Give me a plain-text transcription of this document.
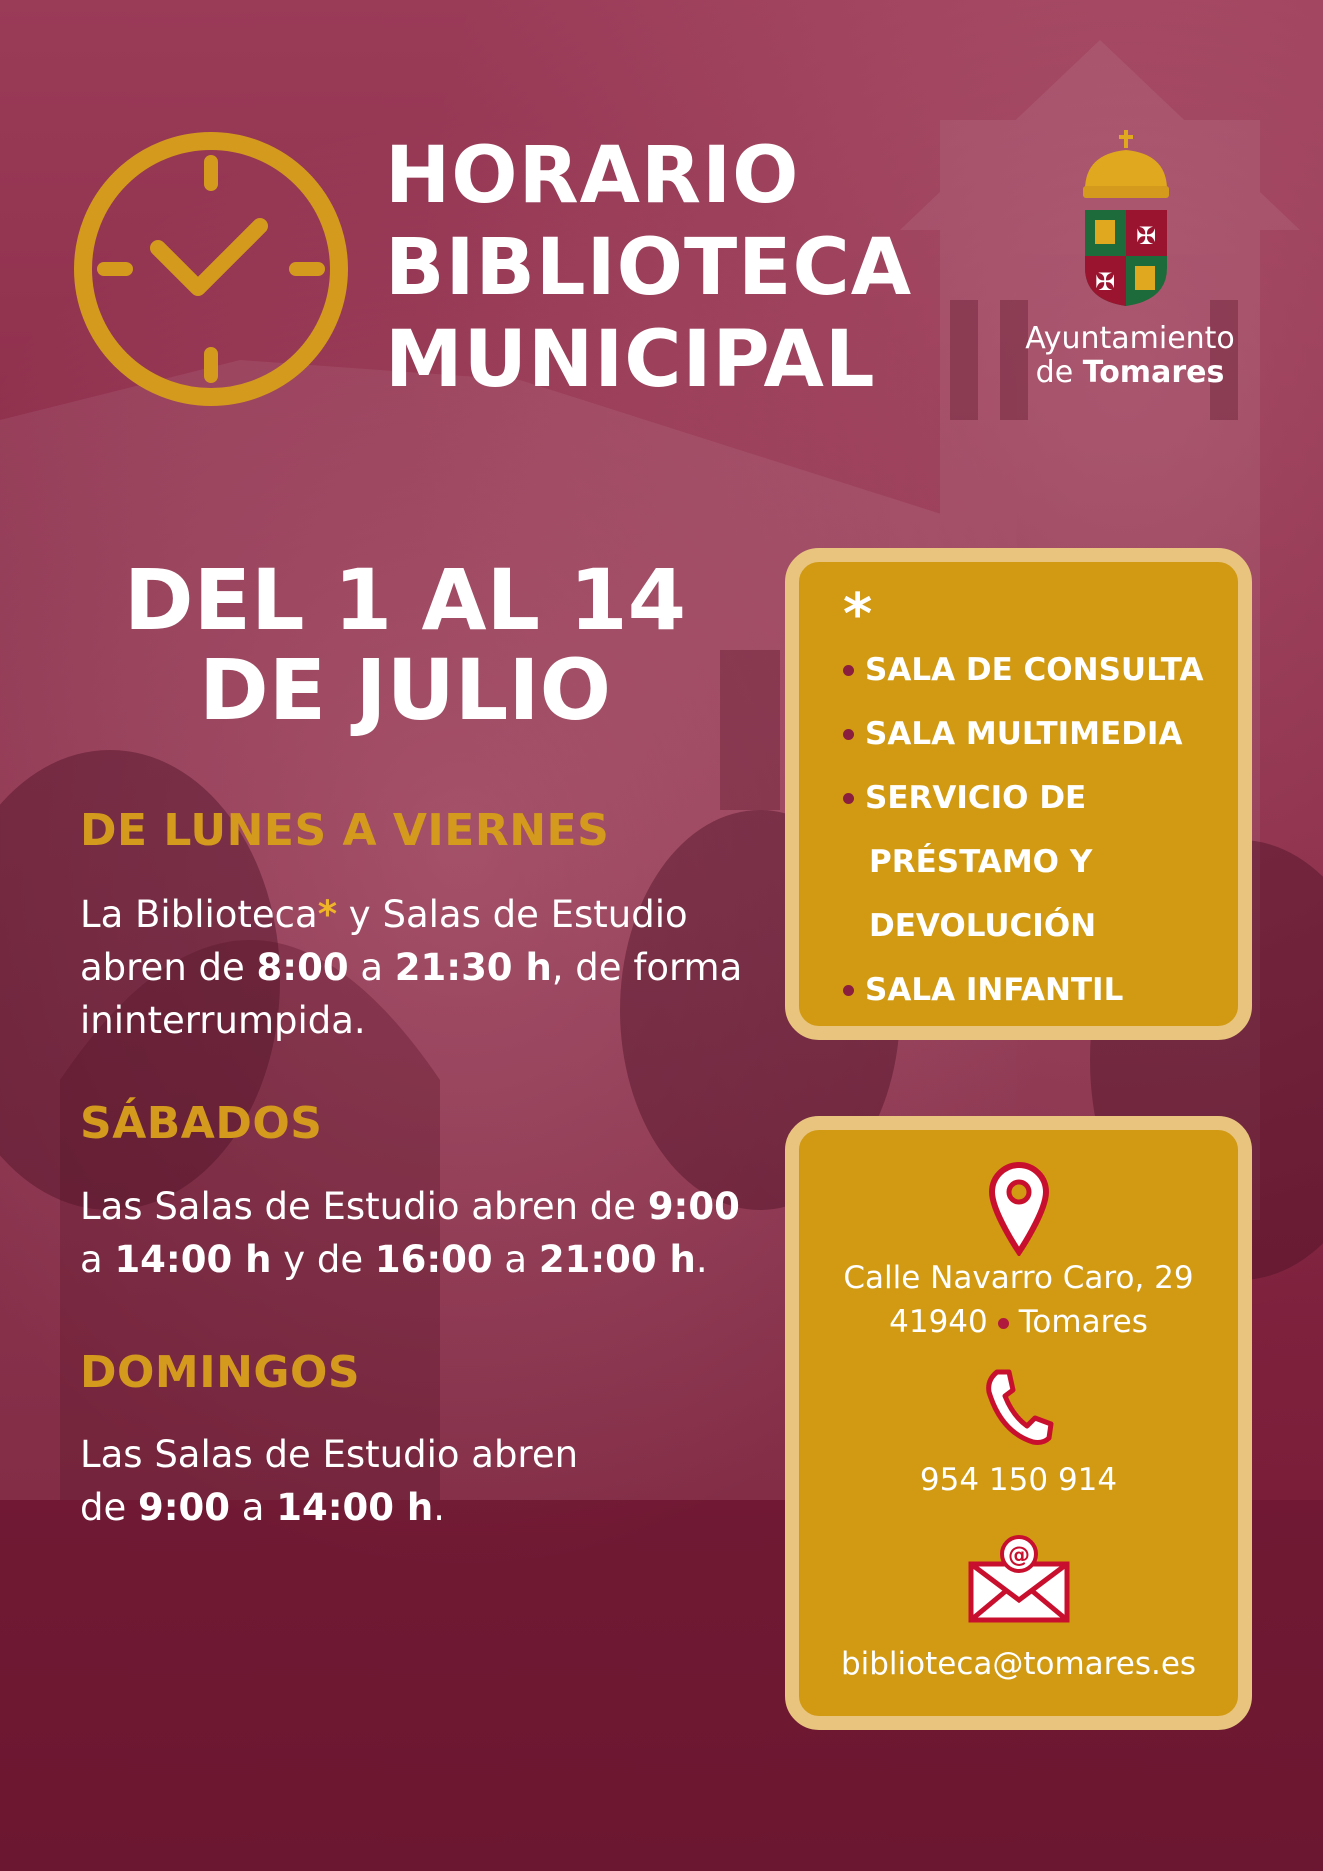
HORARIO
BIBLIOTECA
MUNICIPAL
✠
✠
Ayuntamiento
de Tomares
DEL 1 AL 14
DE JULIO
DE LUNES A VIERNES
La Biblioteca* y Salas de Estudio
abren de 8:00 a 21:30 h, de forma
ininterrumpida.
SÁBADOS
Las Salas de Estudio abren de 9:00
a 14:00 h y de 16:00 a 21:00 h.
DOMINGOS
Las Salas de Estudio abren
de 9:00 a 14:00 h.
*
SALA DE CONSULTA
SALA MULTIMEDIA
SERVICIO DE
PRÉSTAMO Y
DEVOLUCIÓN
SALA INFANTIL
Calle Navarro Caro, 29
41940 Tomares
954 150 914
@
biblioteca@tomares.es
